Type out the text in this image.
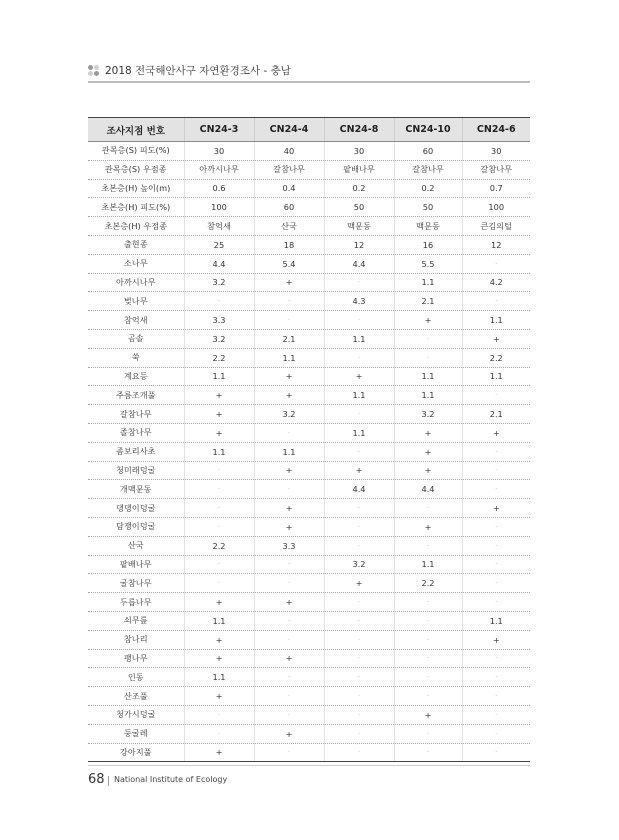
2018 전국해안사구 자연환경조사 - 충남
조사지점 번호	CN24-3	CN24-4	CN24-8	CN24-10	CN24-6
관목층(S) 피도(%)	30	40	30	60	30
관목층(S) 우점종	아까시나무	갈참나무	팥배나무	갈참나무	갈참나무
초본층(H) 높이(m)	0.6	0.4	0.2	0.2	0.7
초본층(H) 피도(%)	100	60	50	50	100
초본층(H) 우점종	참억새	산국	맥문동	맥문동	큰김의털
출현종	25	18	12	16	12
소나무	4.4	5.4	4.4	5.5	·
아까시나무	3.2	+	·	1.1	4.2
벚나무	·	·	4.3	2.1	·
참억새	3.3	·	·	+	1.1
곰솔	3.2	2.1	1.1	·	+
쑥	2.2	1.1	·	·	2.2
계요등	1.1	+	+	1.1	1.1
주름조개풀	+	+	1.1	1.1	·
갈참나무	+	3.2	·	3.2	2.1
졸참나무	+	·	1.1	+	+
좀보리사초	1.1	1.1	·	+	·
청미래덩굴	·	+	+	+	·
개맥문동	·	·	4.4	4.4	·
댕댕이덩굴	·	+	·	·	+
담쟁이덩굴	·	+	·	+	·
산국	2.2	3.3	·	·	·
팥배나무	·	·	3.2	1.1	·
굴참나무	·	·	+	2.2	·
두릅나무	+	+	·	·	·
쇠무릎	1.1	·	·	·	1.1
참나리	+	·	·	·	+
팽나무	+	+	·	·	·
인동	1.1	·	·	·	·
산조풀	+	·	·	·	·
청가시덩굴	·	·	·	+	·
둥굴레	·	+	·	·	·
강아지풀	+	·	·	·	·
68 National Institute of Ecology
